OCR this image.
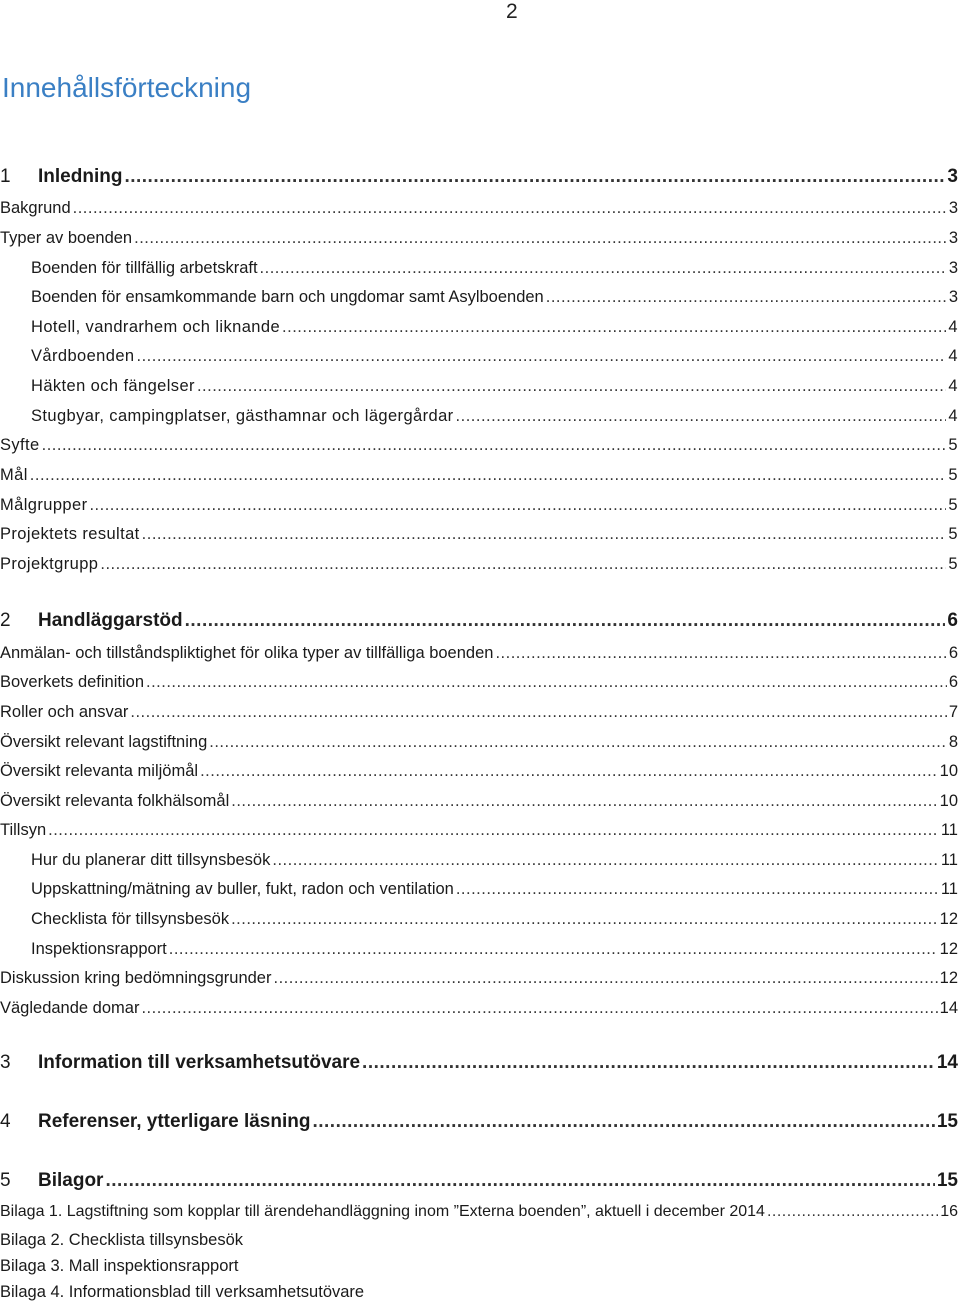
2
Innehållsförteckning
1 Inledning .....	3
Bakgrund .....	3
Typer av boenden .....	3
Boenden för tillfällig arbetskraft .....	3
Boenden för ensamkommande barn och ungdomar samt Asylboenden .....	3
Hotell, vandrarhem och liknande .....	4
Vårdboenden .....	4
Häkten och fängelser .....	4
Stugbyar, campingplatser, gästhamnar och lägergårdar .....	4
Syfte .....	5
Mål .....	5
Målgrupper .....	5
Projektets resultat .....	5
Projektgrupp .....	5
2 Handläggarstöd .....	6
Anmälan- och tillståndspliktighet för olika typer av tillfälliga boenden .....	6
Boverkets definition .....	6
Roller och ansvar .....	7
Översikt relevant lagstiftning .....	8
Översikt relevanta miljömål .....	10
Översikt relevanta folkhälsomål .....	10
Tillsyn .....	11
Hur du planerar ditt tillsynsbesök .....	11
Uppskattning/mätning av buller, fukt, radon och ventilation .....	11
Checklista för tillsynsbesök .....	12
Inspektionsrapport .....	12
Diskussion kring bedömningsgrunder .....	12
Vägledande domar .....	14
3 Information till verksamhetsutövare .....	14
4 Referenser, ytterligare läsning .....	15
5 Bilagor .....	15
Bilaga 1. Lagstiftning som kopplar till ärendehandläggning inom ”Externa boenden”, aktuell i december 2014 .....	16
Bilaga 2. Checklista tillsynsbesök
Bilaga 3. Mall inspektionsrapport
Bilaga 4. Informationsblad till verksamhetsutövare
